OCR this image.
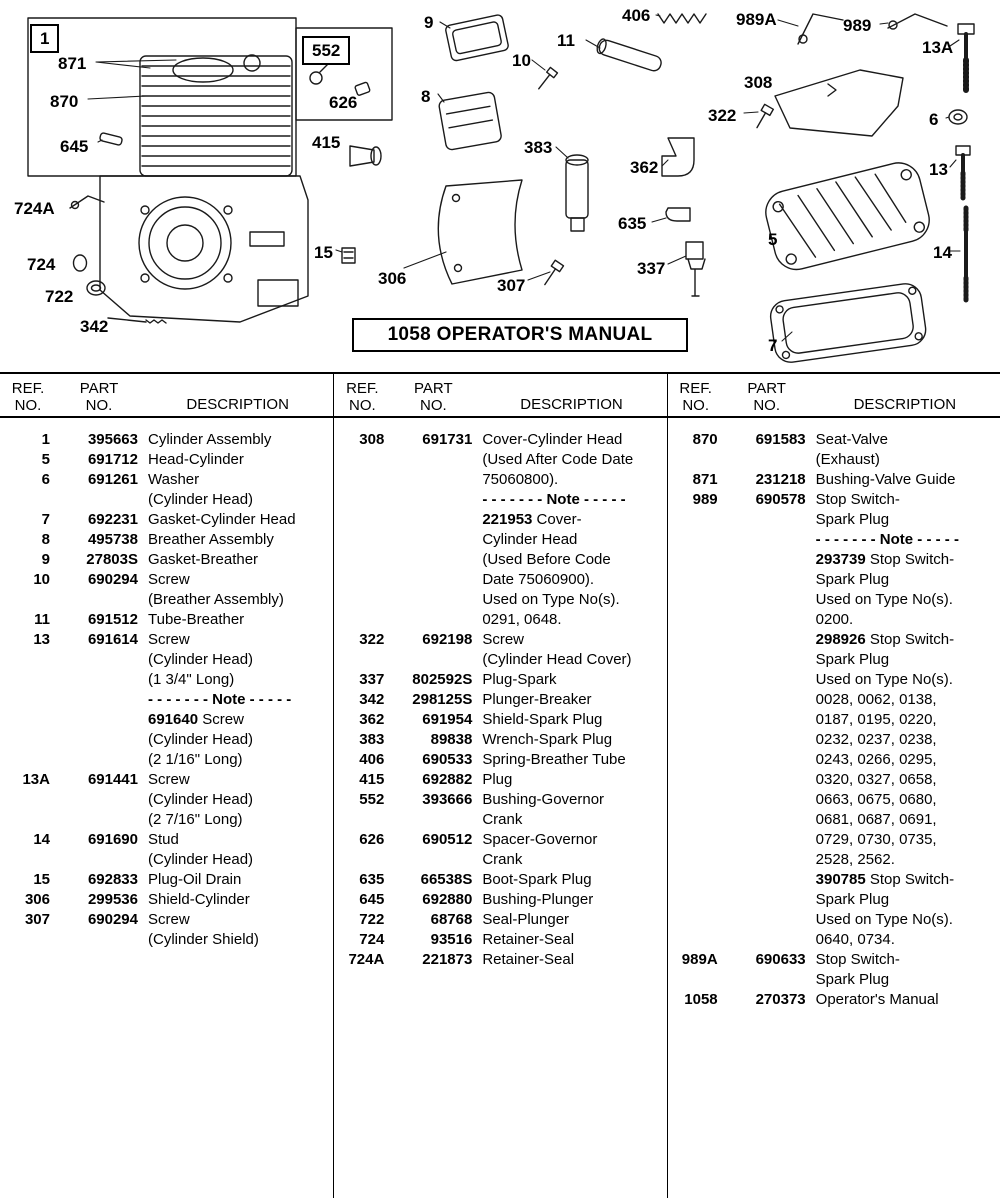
1
871
870
645
724A
724
722
342
552
626
415
15
306	307
9
10
8
383
11
362
635
337
406	989A	989
13A
308
322	6
13
5
14
7
1058 OPERATOR'S MANUAL
REF.
NO.
PART
NO.	DESCRIPTION
1	395663 Cylinder Assembly
5	691712 Head-Cylinder
6	691261 Washer
(Cylinder Head)
7	692231 Gasket-Cylinder Head
8	495738 Breather Assembly
9	27803S Gasket-Breather
10	690294 Screw
(Breather Assembly)
11	691512 Tube-Breather
13	691614 Screw
(Cylinder Head)
(1 3/4" Long)
- - - - - - - Note - - - - -
691640 Screw
(Cylinder Head)
(2 1/16" Long)
13A	691441 Screw
(Cylinder Head)
(2 7/16" Long)
14	691690 Stud
(Cylinder Head)
15	692833 Plug-Oil Drain
306	299536 Shield-Cylinder
307	690294 Screw
(Cylinder Shield)
REF.
NO.
PART
NO.	DESCRIPTION
308	691731 Cover-Cylinder Head
(Used After Code Date
75060800).
- - - - - - - Note - - - - -
221953 Cover-
Cylinder Head
(Used Before Code
Date 75060900).
Used on Type No(s).
0291, 0648.
322	692198 Screw
(Cylinder Head Cover)
337	802592S Plug-Spark
342	298125S Plunger-Breaker
362	691954 Shield-Spark Plug
383	89838 Wrench-Spark Plug
406	690533 Spring-Breather Tube
415	692882 Plug
552	393666 Bushing-Governor
Crank
626	690512 Spacer-Governor
Crank
635	66538S Boot-Spark Plug
645	692880 Bushing-Plunger
722	68768 Seal-Plunger
724	93516 Retainer-Seal
724A	221873 Retainer-Seal
REF.
NO.
PART
NO.	DESCRIPTION
870	691583 Seat-Valve
(Exhaust)
871	231218 Bushing-Valve Guide
989	690578 Stop Switch-
Spark Plug
- - - - - - - Note - - - - -
293739 Stop Switch-
Spark Plug
Used on Type No(s).
0200.
298926 Stop Switch-
Spark Plug
Used on Type No(s).
0028, 0062, 0138,
0187, 0195, 0220,
0232, 0237, 0238,
0243, 0266, 0295,
0320, 0327, 0658,
0663, 0675, 0680,
0681, 0687, 0691,
0729, 0730, 0735,
2528, 2562.
390785 Stop Switch-
Spark Plug
Used on Type No(s).
0640, 0734.
989A	690633 Stop Switch-
Spark Plug
1058	270373 Operator's Manual
